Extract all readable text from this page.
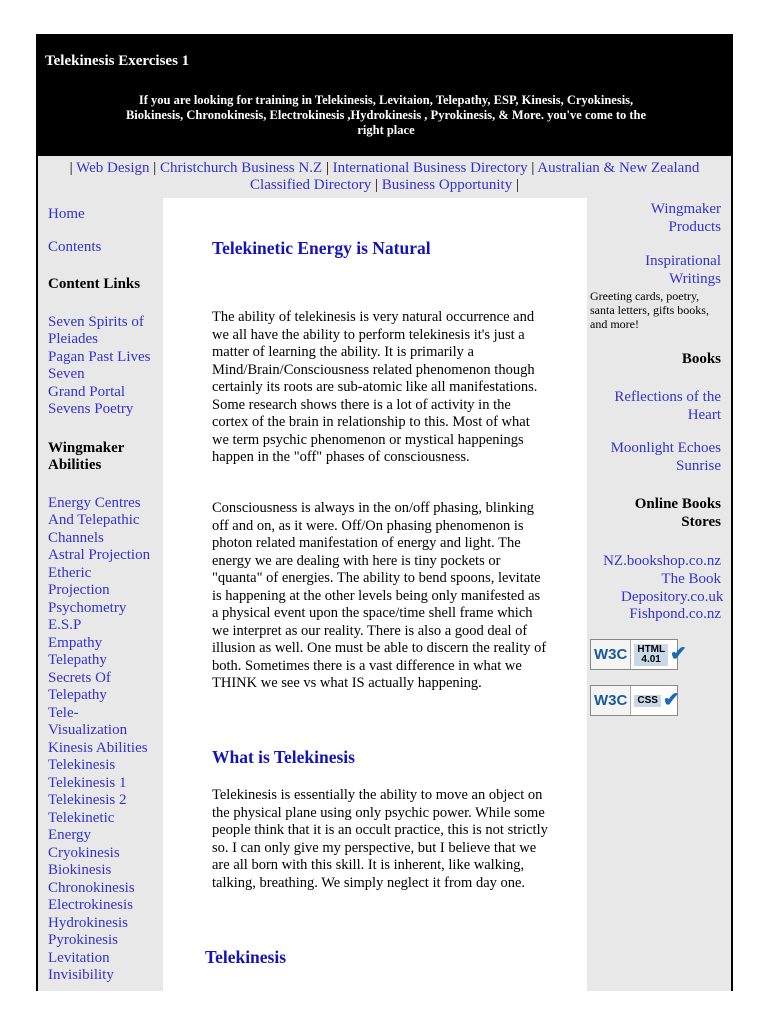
Telekinesis Exercises 1
If you are looking for training in Telekinesis, Levitaion, Telepathy, ESP, Kinesis, Cryokinesis, Biokinesis, Chronokinesis, Electrokinesis ,Hydrokinesis , Pyrokinesis, & More. you've come to the right place
| Web Design | Christchurch Business N.Z | International Business Directory | Australian & New Zealand Classified Directory | Business Opportunity |
Home
Contents
Content Links
Seven Spirits of Pleiades
Pagan Past Lives
Seven
Grand Portal
Sevens Poetry
Wingmaker Abilities
Energy Centres
And Telepathic Channels
Astral Projection
Etheric Projection
Psychometry
E.S.P
Empathy
Telepathy
Secrets Of Telepathy
Tele-Visualization
Kinesis Abilities
Telekinesis
Telekinesis 1
Telekinesis 2
Telekinetic Energy
Cryokinesis
Biokinesis
Chronokinesis
Electrokinesis
Hydrokinesis
Pyrokinesis
Levitation
Invisibility
Telekinetic Energy is Natural
The ability of telekinesis is very natural occurrence and we all have the ability to perform telekinesis it's just a matter of learning the ability. It is primarily a Mind/Brain/Consciousness related phenomenon though certainly its roots are sub-atomic like all manifestations. Some research shows there is a lot of activity in the cortex of the brain in relationship to this. Most of what we term psychic phenomenon or mystical happenings happen in the "off" phases of consciousness.
Consciousness is always in the on/off phasing, blinking off and on, as it were. Off/On phasing phenomenon is photon related manifestation of energy and light. The energy we are dealing with here is tiny pockets or "quanta" of energies. The ability to bend spoons, levitate is happening at the other levels being only manifested as a physical event upon the space/time shell frame which we interpret as our reality. There is also a good deal of illusion as well. One must be able to discern the reality of both. Sometimes there is a vast difference in what we THINK we see vs what IS actually happening.
What is Telekinesis
Telekinesis is essentially the ability to move an object on the physical plane using only psychic power. While some people think that it is an occult practice, this is not strictly so. I can only give my perspective, but I believe that we are all born with this skill. It is inherent, like walking, talking, breathing. We simply neglect it from day one.
Telekinesis
Wingmaker Products
Inspirational Writings
Greeting cards, poetry, santa letters, gifts books, and more!
Books
Reflections of the Heart
Moonlight Echoes Sunrise
Online Books Stores
NZ.bookshop.co.nz
The Book Depository.co.uk
Fishpond.co.nz
W3C	HTML 4.01 ✔
W3C	CSS ✔
